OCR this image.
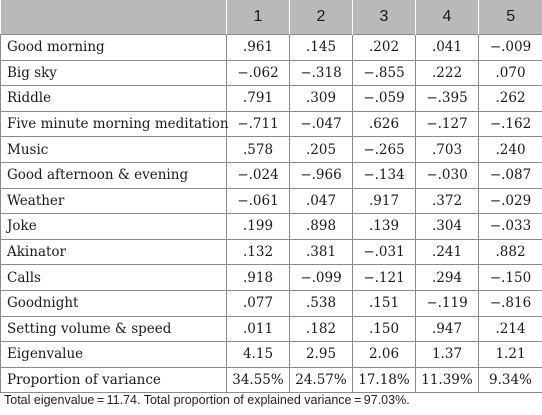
	1	2	3	4	5
Good morning	.961	.145	.202	.041	−.009
Big sky	−.062	−.318	−.855	.222	.070
Riddle	.791	.309	−.059	−.395	.262
Five minute morning meditation	−.711	−.047	.626	−.127	−.162
Music	.578	.205	−.265	.703	.240
Good afternoon & evening	−.024	−.966	−.134	−.030	−.087
Weather	−.061	.047	.917	.372	−.029
Joke	.199	.898	.139	.304	−.033
Akinator	.132	.381	−.031	.241	.882
Calls	.918	−.099	−.121	.294	−.150
Goodnight	.077	.538	.151	−.119	−.816
Setting volume & speed	.011	.182	.150	.947	.214
Eigenvalue	4.15	2.95	2.06	1.37	1.21
Proportion of variance	34.55%	24.57%	17.18%	11.39%	9.34%
Total eigenvalue = 11.74. Total proportion of explained variance = 97.03%.
